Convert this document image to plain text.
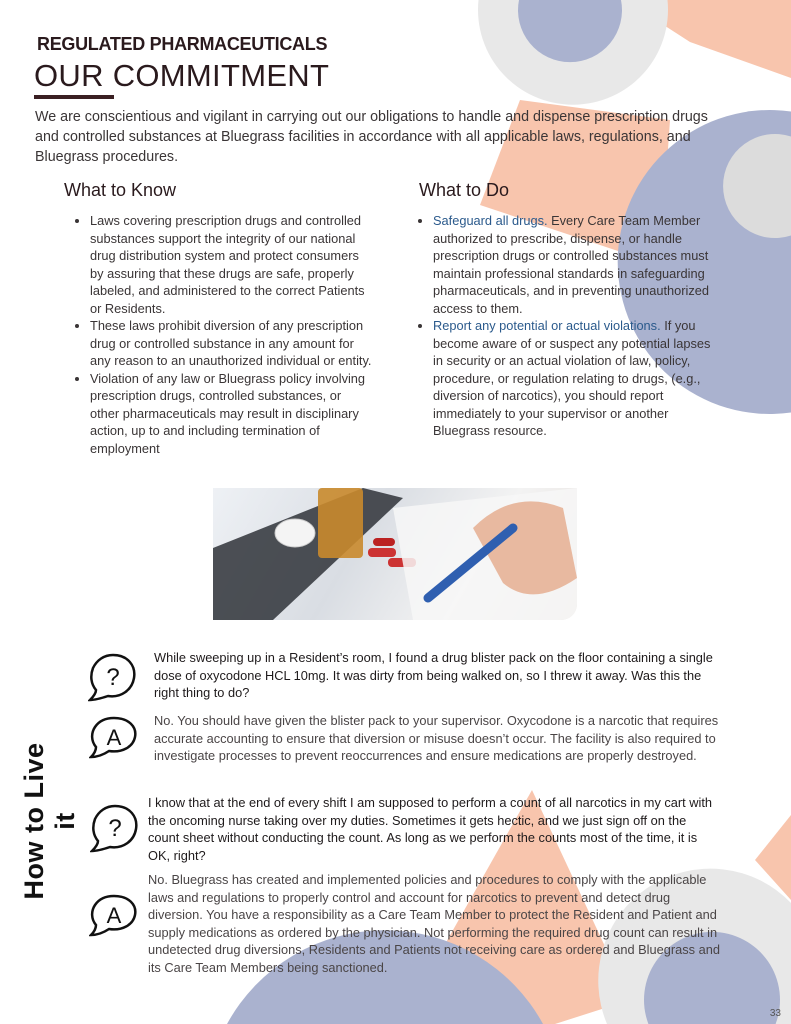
REGULATED PHARMACEUTICALS
OUR COMMITMENT
We are conscientious and vigilant in carrying out our obligations to handle and dispense prescription drugs and controlled substances at Bluegrass facilities in accordance with all applicable laws, regulations, and Bluegrass procedures.
What to Know	What to Do
• Laws covering prescription drugs and controlled substances support the integrity of our national drug distribution system and protect consumers by assuring that these drugs are safe, properly labeled, and administered to the correct Patients or Residents.
• These laws prohibit diversion of any prescription drug or controlled substance in any amount for any reason to an unauthorized individual or entity.
• Violation of any law or Bluegrass policy involving prescription drugs, controlled substances, or other pharmaceuticals may result in disciplinary action, up to and including termination of employment
• Safeguard all drugs. Every Care Team Member authorized to prescribe, dispense, or handle prescription drugs or controlled substances must maintain professional standards in safeguarding pharmaceuticals, and in preventing unauthorized access to them.
• Report any potential or actual violations. If you become aware of or suspect any potential lapses in security or an actual violation of law, policy, procedure, or regulation relating to drugs, (e.g., diversion of narcotics), you should report immediately to your supervisor or another Bluegrass resource.
How to Live it
?
While sweeping up in a Resident’s room, I found a drug blister pack on the floor containing a single dose of oxycodone HCL 10mg. It was dirty from being walked on, so I threw it away. Was this the right thing to do?
A
No. You should have given the blister pack to your supervisor. Oxycodone is a narcotic that requires accurate accounting to ensure that diversion or misuse doesn’t occur. The facility is also required to investigate processes to prevent reoccurrences and ensure medications are properly destroyed.
?
I know that at the end of every shift I am supposed to perform a count of all narcotics in my cart with the oncoming nurse taking over my duties. Sometimes it gets hectic, and we just sign off on the count sheet without conducting the count. As long as we perform the counts most of the time, it is OK, right?
A
No. Bluegrass has created and implemented policies and procedures to comply with the applicable laws and regulations to properly control and account for narcotics to prevent and detect drug diversion. You have a responsibility as a Care Team Member to protect the Resident and Patient and supply medications as ordered by the physician. Not performing the required drug count can result in undetected drug diversions, Residents and Patients not receiving care as ordered and Bluegrass and its Care Team Members being sanctioned.
33
